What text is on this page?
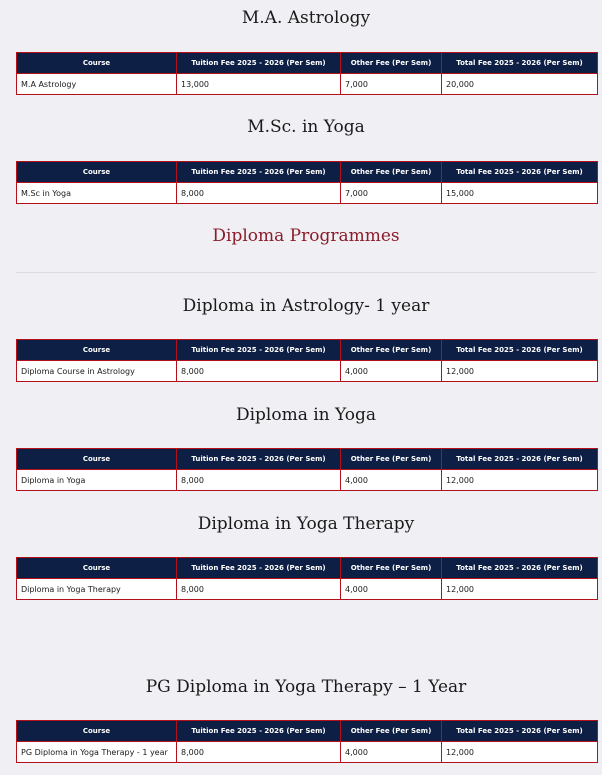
M.A. Astrology
Course	Tuition Fee 2025 - 2026 (Per Sem)	Other Fee (Per Sem)	Total Fee 2025 - 2026 (Per Sem)
M.A Astrology	13,000	7,000	20,000
M.Sc. in Yoga
Course	Tuition Fee 2025 - 2026 (Per Sem)	Other Fee (Per Sem)	Total Fee 2025 - 2026 (Per Sem)
M.Sc in Yoga	8,000	7,000	15,000
Diploma Programmes
Diploma in Astrology- 1 year
Course	Tuition Fee 2025 - 2026 (Per Sem)	Other Fee (Per Sem)	Total Fee 2025 - 2026 (Per Sem)
Diploma Course in Astrology	8,000	4,000	12,000
Diploma in Yoga
Course	Tuition Fee 2025 - 2026 (Per Sem)	Other Fee (Per Sem)	Total Fee 2025 - 2026 (Per Sem)
Diploma in Yoga	8,000	4,000	12,000
Diploma in Yoga Therapy
Course	Tuition Fee 2025 - 2026 (Per Sem)	Other Fee (Per Sem)	Total Fee 2025 - 2026 (Per Sem)
Diploma in Yoga Therapy	8,000	4,000	12,000
PG Diploma in Yoga Therapy – 1 Year
Course	Tuition Fee 2025 - 2026 (Per Sem)	Other Fee (Per Sem)	Total Fee 2025 - 2026 (Per Sem)
PG Diploma in Yoga Therapy - 1 year	8,000	4,000	12,000
